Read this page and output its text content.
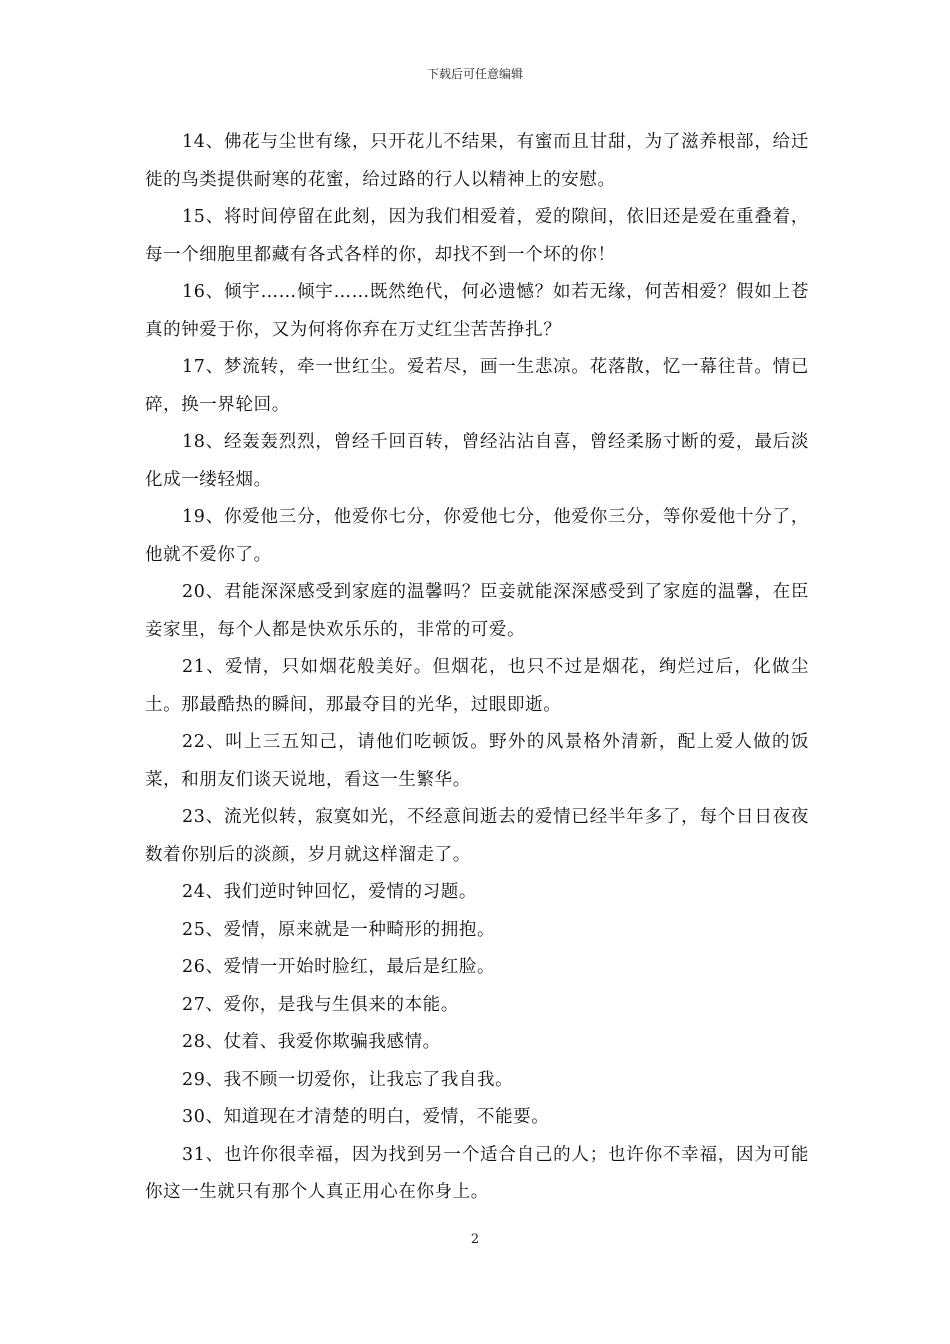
下载后可任意编辑

14、佛花与尘世有缘，只开花儿不结果，有蜜而且甘甜，为了滋养根部，给迁徙的鸟类提供耐寒的花蜜，给过路的行人以精神上的安慰。

15、将时间停留在此刻，因为我们相爱着，爱的隙间，依旧还是爱在重叠着，每一个细胞里都藏有各式各样的你，却找不到一个坏的你！

16、倾宇……倾宇……既然绝代，何必遗憾？如若无缘，何苦相爱？假如上苍真的钟爱于你，又为何将你弃在万丈红尘苦苦挣扎？

17、梦流转，牵一世红尘。爱若尽，画一生悲凉。花落散，忆一幕往昔。情已碎，换一界轮回。

18、经轰轰烈烈，曾经千回百转，曾经沾沾自喜，曾经柔肠寸断的爱，最后淡化成一缕轻烟。

19、你爱他三分，他爱你七分，你爱他七分，他爱你三分，等你爱他十分了，他就不爱你了。

20、君能深深感受到家庭的温馨吗？臣妾就能深深感受到了家庭的温馨，在臣妾家里，每个人都是快欢乐乐的，非常的可爱。

21、爱情，只如烟花般美好。但烟花，也只不过是烟花，绚烂过后，化做尘土。那最酷热的瞬间，那最夺目的光华，过眼即逝。

22、叫上三五知己，请他们吃顿饭。野外的风景格外清新，配上爱人做的饭菜，和朋友们谈天说地，看这一生繁华。

23、流光似转，寂寞如光，不经意间逝去的爱情已经半年多了，每个日日夜夜数着你别后的淡颜，岁月就这样溜走了。

24、我们逆时钟回忆，爱情的习题。

25、爱情，原来就是一种畸形的拥抱。

26、爱情一开始时脸红，最后是红脸。

27、爱你，是我与生俱来的本能。

28、仗着、我爱你欺骗我感情。

29、我不顾一切爱你，让我忘了我自我。

30、知道现在才清楚的明白，爱情，不能要。

31、也许你很幸福，因为找到另一个适合自己的人；也许你不幸福，因为可能你这一生就只有那个人真正用心在你身上。

2
